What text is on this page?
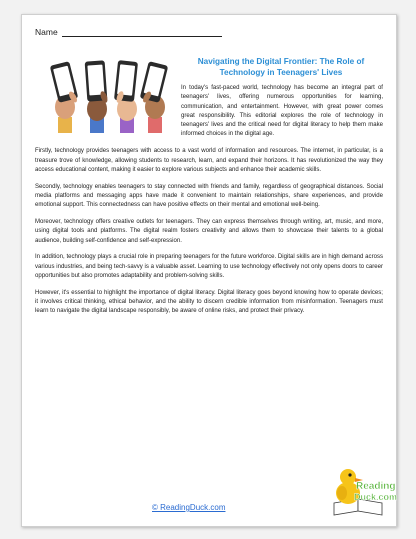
Name
Navigating the Digital Frontier: The Role of Technology in Teenagers' Lives

In today's fast-paced world, technology has become an integral part of teenagers' lives, offering numerous opportunities for learning, communication, and entertainment. However, with great power comes great responsibility. This editorial explores the role of technology in teenagers' lives and the critical need for digital literacy to help them make informed choices in the digital age.

Firstly, technology provides teenagers with access to a vast world of information and resources. The internet, in particular, is a treasure trove of knowledge, allowing students to research, learn, and expand their horizons. It has revolutionized the way they access educational content, making it easier to explore various subjects and enhance their academic skills.

Secondly, technology enables teenagers to stay connected with friends and family, regardless of geographical distances. Social media platforms and messaging apps have made it convenient to maintain relationships, share experiences, and provide emotional support. This connectedness can have positive effects on their mental and emotional well-being.

Moreover, technology offers creative outlets for teenagers. They can express themselves through writing, art, music, and more, using digital tools and platforms. The digital realm fosters creativity and allows them to showcase their talents to a global audience, building self-confidence and self-expression.

In addition, technology plays a crucial role in preparing teenagers for the future workforce. Digital skills are in high demand across various industries, and being tech-savvy is a valuable asset. Learning to use technology effectively not only opens doors to career opportunities but also promotes adaptability and problem-solving skills.

However, it's essential to highlight the importance of digital literacy. Digital literacy goes beyond knowing how to operate devices; it involves critical thinking, ethical behavior, and the ability to discern credible information from misinformation. Teenagers must learn to navigate the digital landscape responsibly, be aware of online risks, and protect their privacy.

© ReadingDuck.com
Reading
Duck.com
